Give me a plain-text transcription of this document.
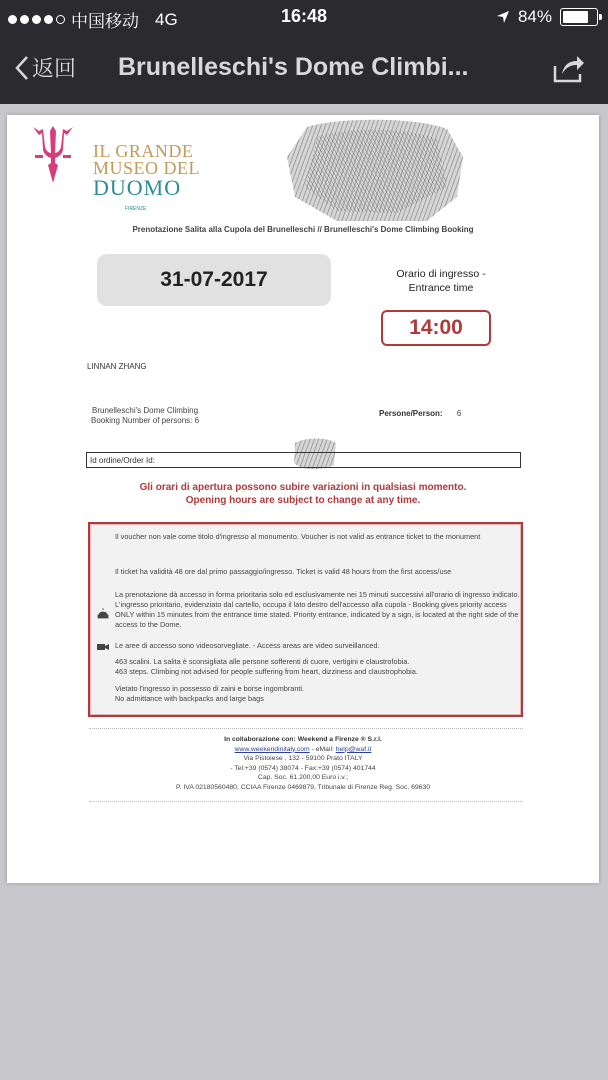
中国移动 4G	16:48	84%
返回 Brunelleschi's Dome Climbi...
IL GRANDE
MUSEO DEL
DUOMO
FIRENZE
Prenotazione Salita alla Cupola del Brunelleschi // Brunelleschi's Dome Climbing Booking
31-07-2017	Orario di ingresso -
Entrance time
14:00
LINNAN ZHANG
Brunelleschi's Dome Climbing
Booking Number of persons: 6
Persone/Person: 6
Id ordine/Order Id:
Gli orari di apertura possono subire variazioni in qualsiasi momento.
Opening hours are subject to change at any time.

Il voucher non vale come titolo d'ingresso al monumento. Voucher is not valid as entrance ticket to the monument

Il ticket ha validità 48 ore dal primo passaggio/ingresso. Ticket is valid 48 hours from the first access/use

La prenotazione dà accesso in forma prioritaria solo ed esclusivamente nei 15 minuti successivi all'orario di ingresso indicato. L'ingresso prioritario, evidenziato dal cartello, occupa il lato destro dell'accesso alla cupola - Booking gives priority access ONLY within 15 minutes from the entrance time stated. Priority entrance, indicated by a sign, is located at the right side of the access to the Dome.

Le aree di accesso sono videosorvegliate. - Access areas are video surveillanced.

463 scalini. La salita è sconsigliata alle persone sofferenti di cuore, vertigini e claustrofobia.

463 steps. Climbing not advised for people suffering from heart, dizziness and claustrophobia.

Vietato l'ingresso in possesso di zaini e borse ingombranti.

No admittance with backpacks and large bags

In collaborazione con: Weekend a Firenze ® S.r.l.
www.weekendinitaly.com - eMail: help@waf.it
Via Pistoiese , 132 - 59100 Prato ITALY
- Tel:+39 (0574) 38074 - Fax:+39 (0574) 401744
Cap. Soc. 61.200,00 Euro i.v.;
P. IVA 02180560480, CCIAA Firenze 0469879, Tribunale di Firenze Reg. Soc. 69630
